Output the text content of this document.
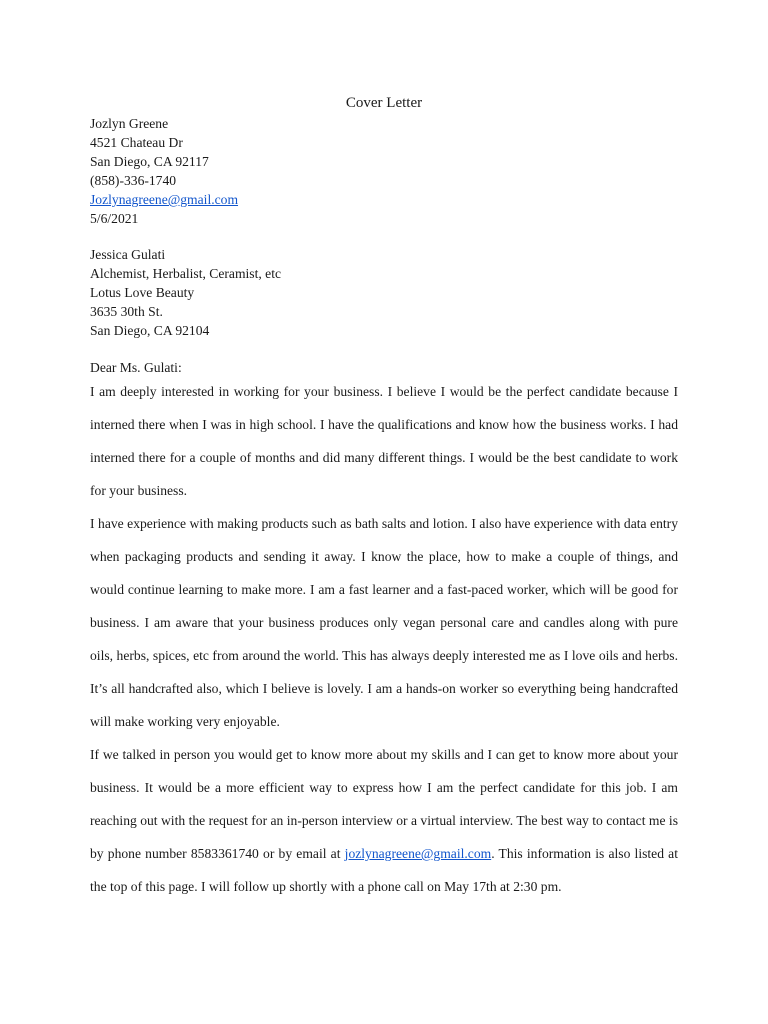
Cover Letter
Jozlyn Greene
4521 Chateau Dr
San Diego, CA 92117
(858)-336-1740
Jozlynagreene@gmail.com
5/6/2021
Jessica Gulati
Alchemist, Herbalist, Ceramist, etc
Lotus Love Beauty
3635 30th St.
San Diego, CA 92104
Dear Ms. Gulati:

I am deeply interested in working for your business. I believe I would be the perfect candidate because I interned there when I was in high school. I have the qualifications and know how the business works. I had interned there for a couple of months and did many different things. I would be the best candidate to work for your business.

I have experience with making products such as bath salts and lotion. I also have experience with data entry when packaging products and sending it away. I know the place, how to make a couple of things, and would continue learning to make more. I am a fast learner and a fast-paced worker, which will be good for business. I am aware that your business produces only vegan personal care and candles along with pure oils, herbs, spices, etc from around the world. This has always deeply interested me as I love oils and herbs. It’s all handcrafted also, which I believe is lovely. I am a hands-on worker so everything being handcrafted will make working very enjoyable.

If we talked in person you would get to know more about my skills and I can get to know more about your business. It would be a more efficient way to express how I am the perfect candidate for this job. I am reaching out with the request for an in-person interview or a virtual interview. The best way to contact me is by phone number 8583361740 or by email at jozlynagreene@gmail.com. This information is also listed at the top of this page. I will follow up shortly with a phone call on May 17th at 2:30 pm.
